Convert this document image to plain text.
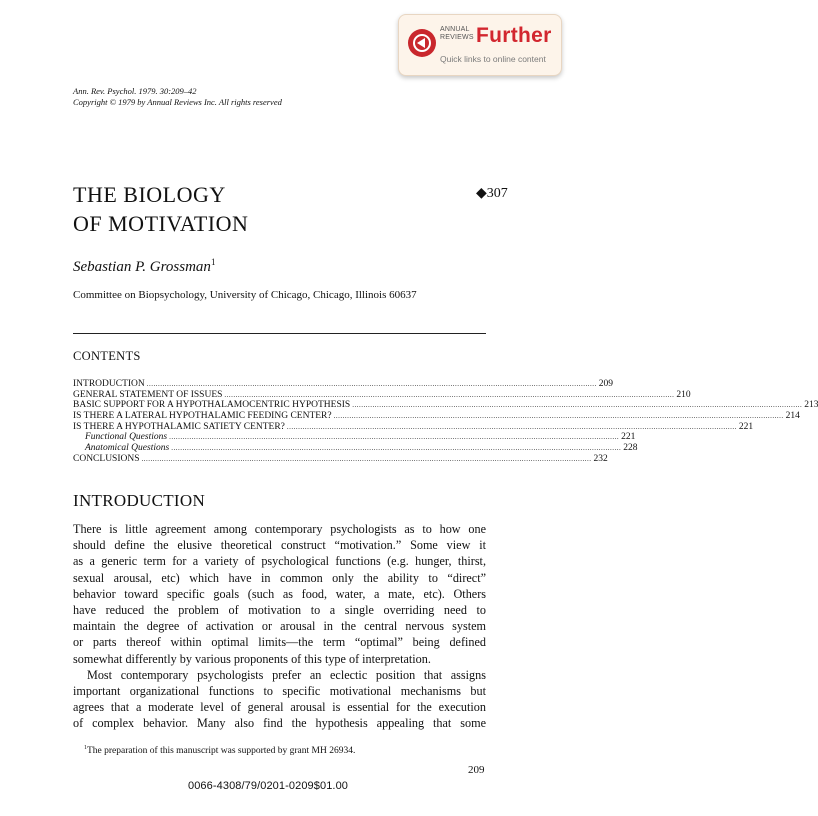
ANNUAL
REVIEWS Further
Quick links to online content
Ann. Rev. Psychol. 1979. 30:209–42
Copyright © 1979 by Annual Reviews Inc. All rights reserved
THE BIOLOGY
OF MOTIVATION
◆307
Sebastian P. Grossman$^1$
Committee on Biopsychology, University of Chicago, Chicago, Illinois 60637
CONTENTS
INTRODUCTION ........................................................................................................................................................................................................ 209
GENERAL STATEMENT OF ISSUES ........................................................................................................................................................................................................ 210
BASIC SUPPORT FOR A HYPOTHALAMOCENTRIC HYPOTHESIS ........................................................................................................................................................................................................ 213
IS THERE A LATERAL HYPOTHALAMIC FEEDING CENTER? ........................................................................................................................................................................................................ 214
IS THERE A HYPOTHALAMIC SATIETY CENTER? ........................................................................................................................................................................................................ 221
Functional Questions ........................................................................................................................................................................................................ 221
Anatomical Questions ........................................................................................................................................................................................................ 228
CONCLUSIONS ........................................................................................................................................................................................................ 232
INTRODUCTION
There is little agreement among contemporary psychologists as to how one
should define the elusive theoretical construct “motivation.” Some view it
as a generic term for a variety of psychological functions (e.g. hunger, thirst,
sexual arousal, etc) which have in common only the ability to “direct”
behavior toward specific goals (such as food, water, a mate, etc). Others
have reduced the problem of motivation to a single overriding need to
maintain the degree of activation or arousal in the central nervous system
or parts thereof within optimal limits—the term “optimal” being defined
somewhat differently by various proponents of this type of interpretation.
Most contemporary psychologists prefer an eclectic position that assigns
important organizational functions to specific motivational mechanisms but
agrees that a moderate level of general arousal is essential for the execution
of complex behavior. Many also find the hypothesis appealing that some
$^1$The preparation of this manuscript was supported by grant MH 26934.
209
0066-4308/79/0201-0209$01.00
